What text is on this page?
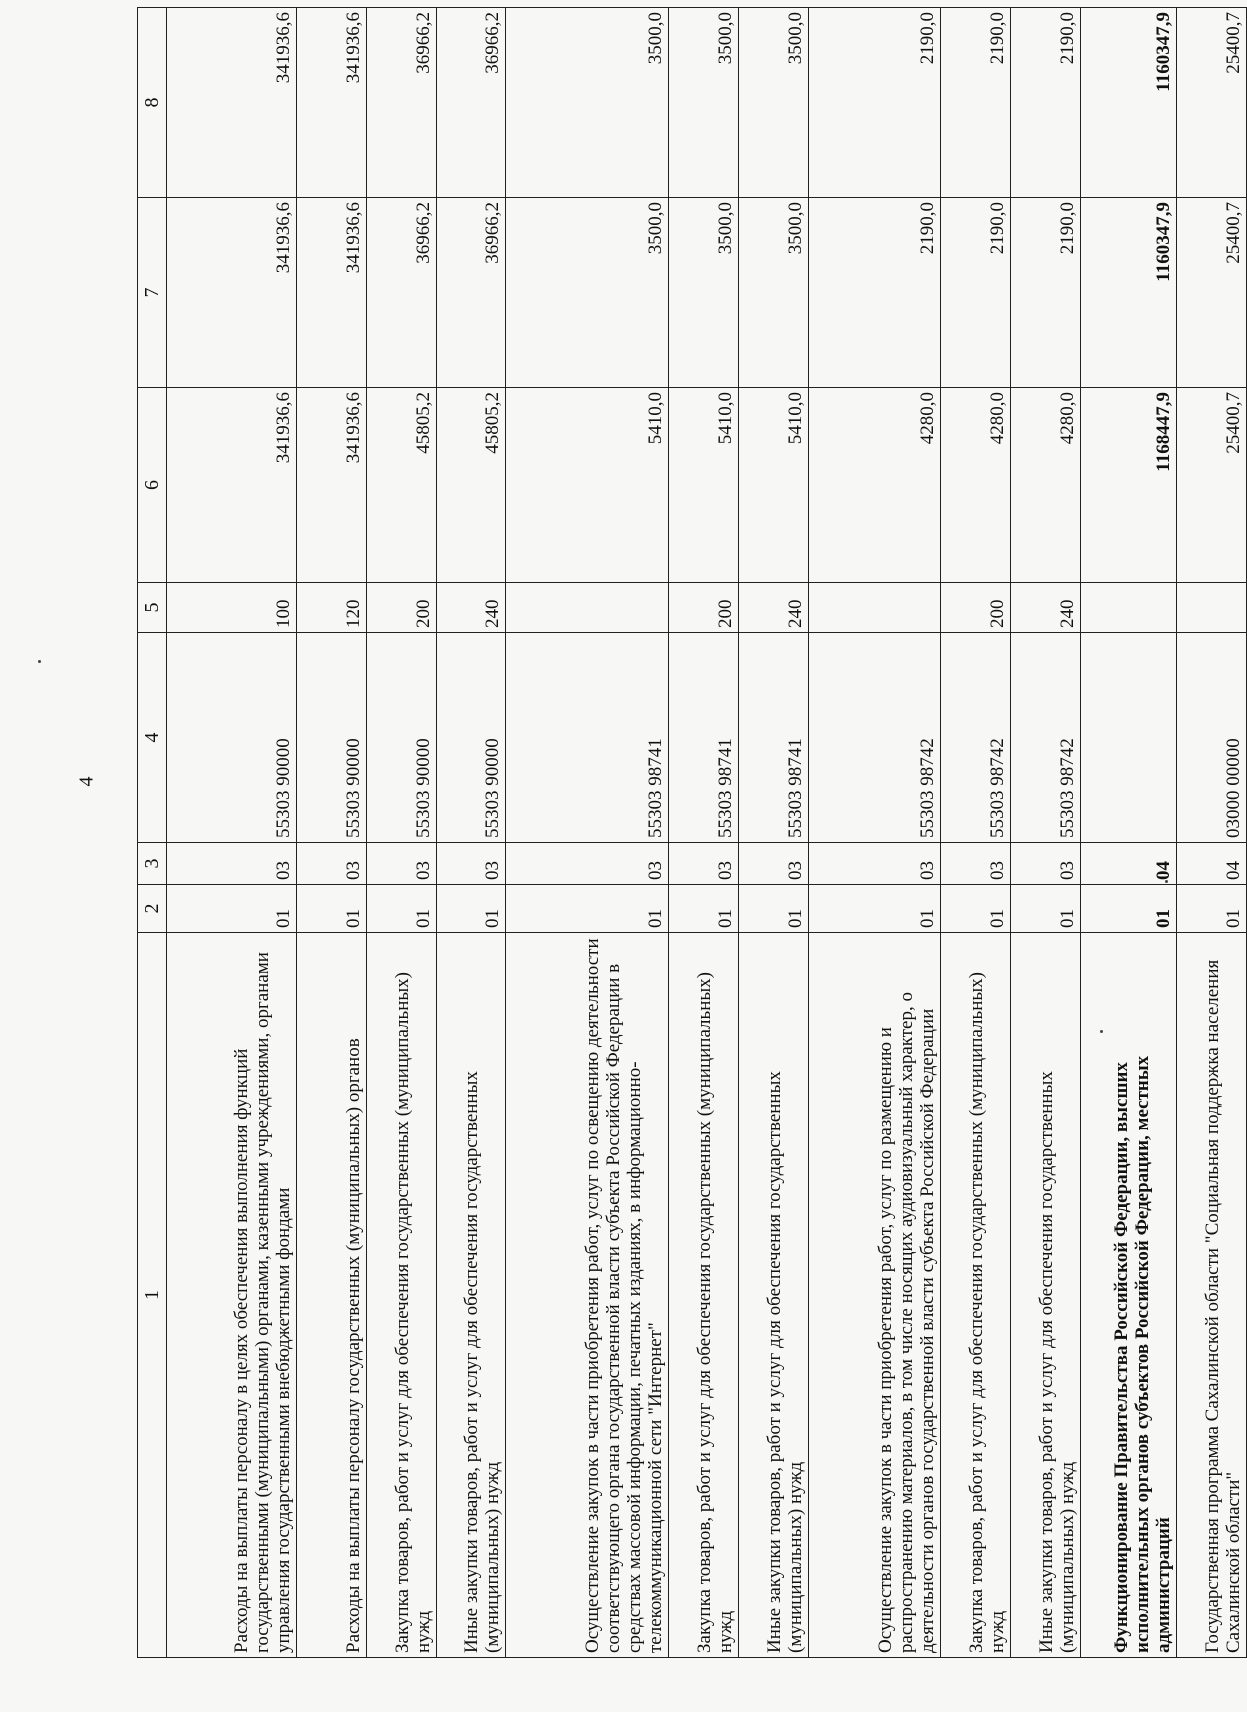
4
1	2	3	4	5	6	7	8
Расходы на выплаты персоналу в целях обеспечения выполнения функций государственными (муниципальными) органами, казенными учреждениями, органами управления государственными внебюджетными фондами	01	03	55303 90000	100	341936,6	341936,6	341936,6
Расходы на выплаты персоналу государственных (муниципальных) органов	01	03	55303 90000	120	341936,6	341936,6	341936,6
Закупка товаров, работ и услуг для обеспечения государственных (муниципальных) нужд	01	03	55303 90000	200	45805,2	36966,2	36966,2
Иные закупки товаров, работ и услуг для обеспечения государственных (муниципальных) нужд	01	03	55303 90000	240	45805,2	36966,2	36966,2
Осуществление закупок в части приобретения работ, услуг по освещению деятельности соответствующего органа государственной власти субъекта Российской Федерации в средствах массовой информации, печатных изданиях, в информационно-телекоммуникационной сети "Интернет"	01	03	55303 98741		5410,0	3500,0	3500,0
Закупка товаров, работ и услуг для обеспечения государственных (муниципальных) нужд	01	03	55303 98741	200	5410,0	3500,0	3500,0
Иные закупки товаров, работ и услуг для обеспечения государственных (муниципальных) нужд	01	03	55303 98741	240	5410,0	3500,0	3500,0
Осуществление закупок в части приобретения работ, услуг по размещению и распространению материалов, в том числе носящих аудиовизуальный характер, о деятельности органов государственной власти субъекта Российской Федерации	01	03	55303 98742		4280,0	2190,0	2190,0
Закупка товаров, работ и услуг для обеспечения государственных (муниципальных) нужд	01	03	55303 98742	200	4280,0	2190,0	2190,0
Иные закупки товаров, работ и услуг для обеспечения государственных (муниципальных) нужд	01	03	55303 98742	240	4280,0	2190,0	2190,0
Функционирование Правительства Российской Федерации, высших исполнительных органов субъектов Российской Федерации, местных администраций	01	04			1168447,9	1160347,9	1160347,9
Государственная программа Сахалинской области "Социальная поддержка населения Сахалинской области"	01	04	03000 00000		25400,7	25400,7	25400,7
